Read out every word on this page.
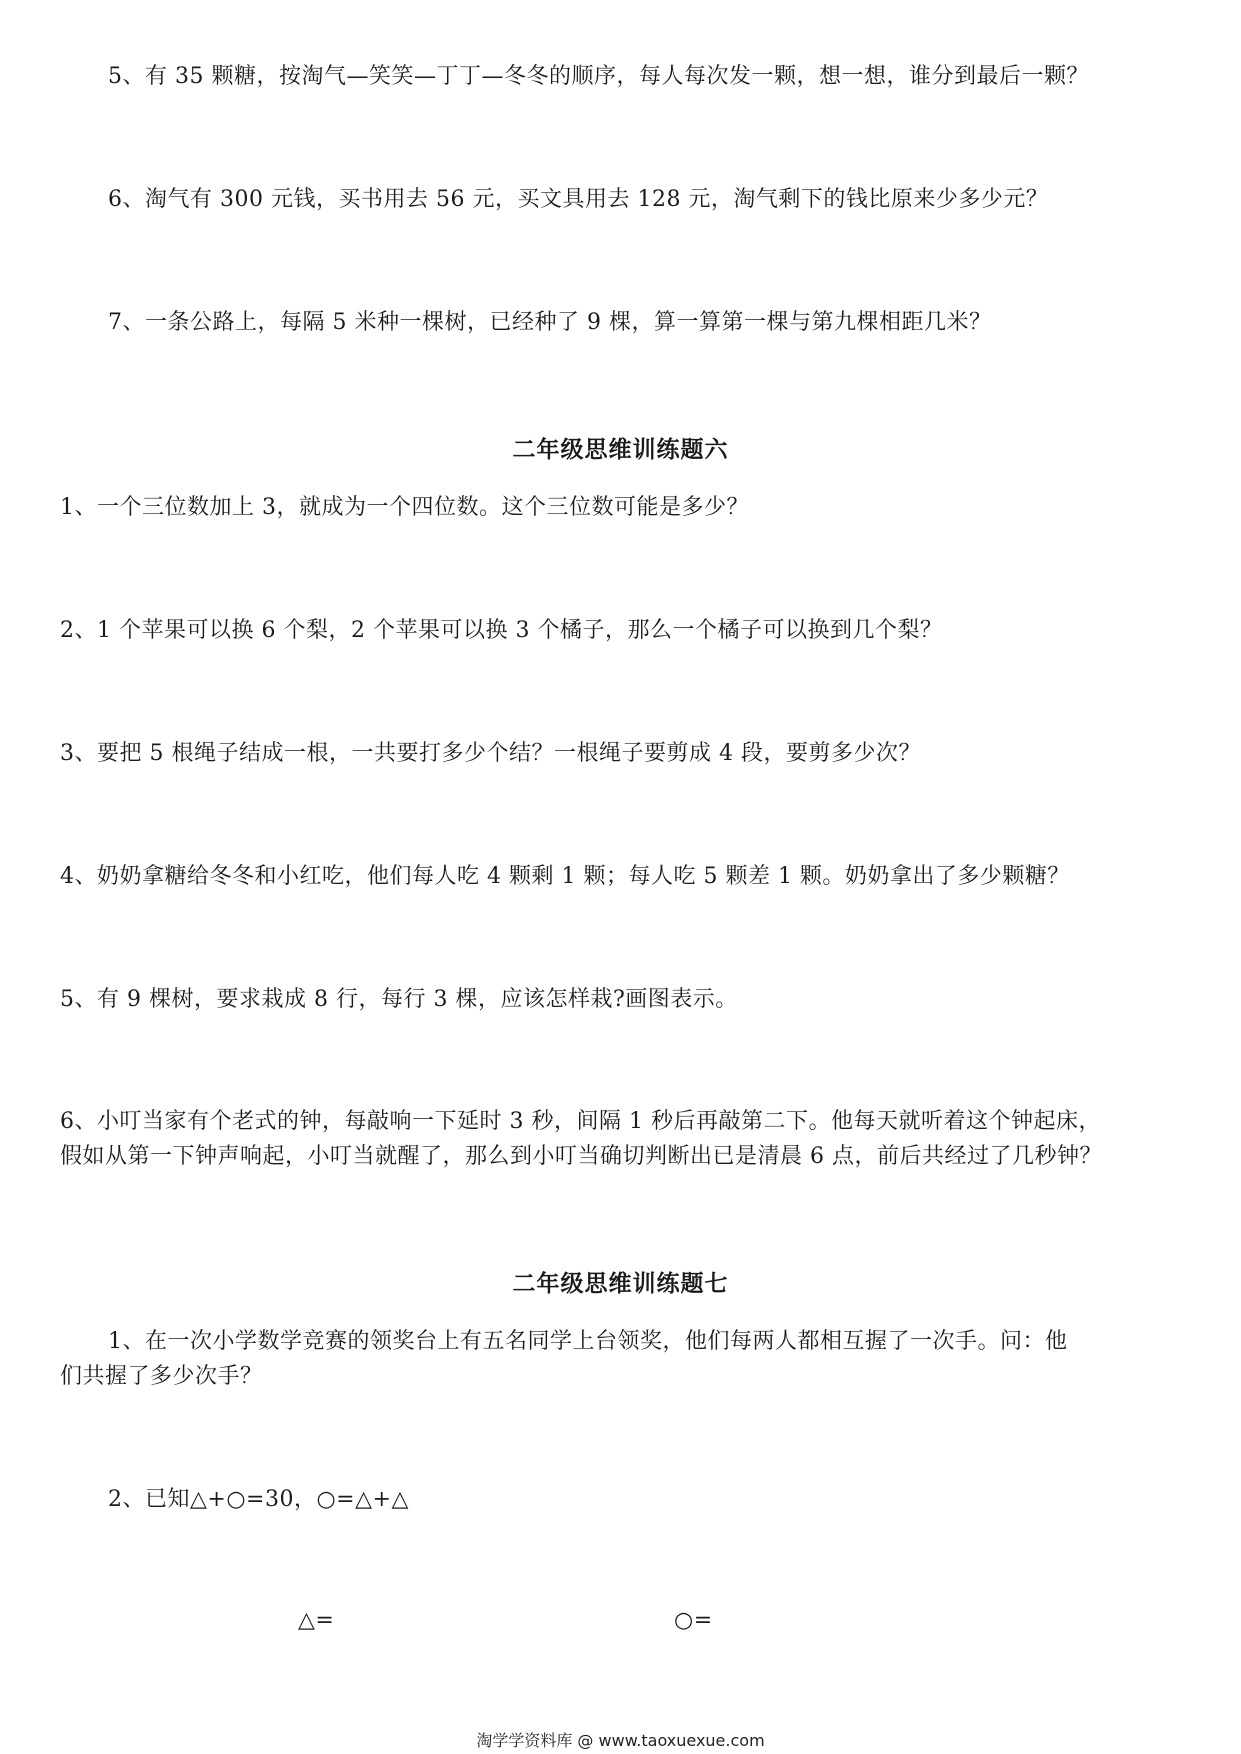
5、有 35 颗糖，按淘气—笑笑—丁丁—冬冬的顺序，每人每次发一颗，想一想，谁分到最后一颗？
6、淘气有 300 元钱，买书用去 56 元，买文具用去 128 元，淘气剩下的钱比原来少多少元？
7、一条公路上，每隔 5 米种一棵树，已经种了 9 棵，算一算第一棵与第九棵相距几米？
二年级思维训练题六
1、一个三位数加上 3，就成为一个四位数。这个三位数可能是多少？
2、1 个苹果可以换 6 个梨，2 个苹果可以换 3 个橘子，那么一个橘子可以换到几个梨？
3、要把 5 根绳子结成一根，一共要打多少个结？一根绳子要剪成 4 段，要剪多少次？
4、奶奶拿糖给冬冬和小红吃，他们每人吃 4 颗剩 1 颗；每人吃 5 颗差 1 颗。奶奶拿出了多少颗糖？
5、有 9 棵树，要求栽成 8 行，每行 3 棵，应该怎样栽?画图表示。
6、小叮当家有个老式的钟，每敲响一下延时 3 秒，间隔 1 秒后再敲第二下。他每天就听着这个钟起床，
假如从第一下钟声响起，小叮当就醒了，那么到小叮当确切判断出已是清晨 6 点，前后共经过了几秒钟？
二年级思维训练题七
1、在一次小学数学竞赛的领奖台上有五名同学上台领奖，他们每两人都相互握了一次手。问：他
们共握了多少次手？
2、已知△+○=30，○=△+△
△=	○=
淘学学资料库 @ www.taoxuexue.com
